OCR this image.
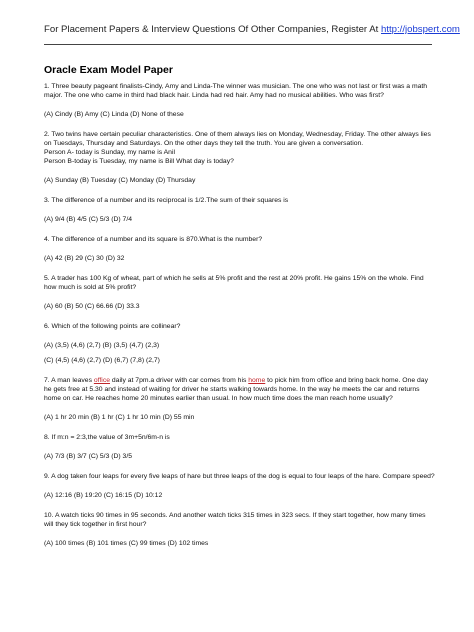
For Placement Papers & Interview Questions Of Other Companies, Register At http://jobspert.com
Oracle Exam Model Paper

1. Three beauty pageant finalists-Cindy, Amy and Linda-The winner was musician. The one who was not last or first was a math major. The one who came in third had black hair. Linda had red hair. Amy had no musical abilities. Who was first?

(A) Cindy (B) Amy (C) Linda (D) None of these

2. Two twins have certain peculiar characteristics. One of them always lies on Monday, Wednesday, Friday. The other always lies on Tuesdays, Thursday and Saturdays. On the other days they tell the truth. You are given a conversation.

Person A- today is Sunday, my name is Anil

Person B-today is Tuesday, my name is Bill What day is today?

(A) Sunday (B) Tuesday (C) Monday (D) Thursday

3. The difference of a number and its reciprocal is 1/2.The sum of their squares is

(A) 9/4 (B) 4/5 (C) 5/3 (D) 7/4

4. The difference of a number and its square is 870.What is the number?

(A) 42 (B) 29 (C) 30 (D) 32

5. A trader has 100 Kg of wheat, part of which he sells at 5% profit and the rest at 20% profit. He gains 15% on the whole. Find how much is sold at 5% profit?

(A) 60 (B) 50 (C) 66.66 (D) 33.3

6. Which of the following points are collinear?

(A) (3,5) (4,6) (2,7) (B) (3,5) (4,7) (2,3)

(C) (4,5) (4,6) (2,7) (D) (6,7) (7,8) (2,7)

7. A man leaves office daily at 7pm.a driver with car comes from his home to pick him from office and bring back home. One day he gets free at 5.30 and instead of waiting for driver he starts walking towards home. In the way he meets the car and returns home on car. He reaches home 20 minutes earlier than usual. In how much time does the man reach home usually?

(A) 1 hr 20 min (B) 1 hr (C) 1 hr 10 min (D) 55 min

8. If m:n = 2:3,the value of 3m+5n/6m-n is

(A) 7/3 (B) 3/7 (C) 5/3 (D) 3/5

9. A dog taken four leaps for every five leaps of hare but three leaps of the dog is equal to four leaps of the hare. Compare speed?

(A) 12:16 (B) 19:20 (C) 16:15 (D) 10:12

10. A watch ticks 90 times in 95 seconds. And another watch ticks 315 times in 323 secs. If they start together, how many times will they tick together in first hour?

(A) 100 times (B) 101 times (C) 99 times (D) 102 times
